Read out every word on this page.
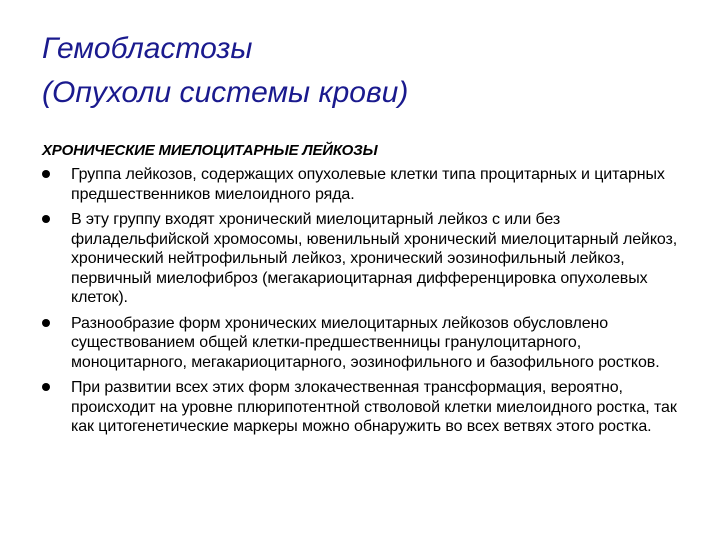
Гемобластозы
(Опухоли системы крови)

ХРОНИЧЕСКИЕ МИЕЛОЦИТАРНЫЕ ЛЕЙКОЗЫ

Группа лейкозов, содержащих опухолевые клетки типа процитарных и цитарных предшественников миелоидного ряда.
В эту группу входят хронический миелоцитарный лейкоз с или без филадельфийской хромосомы, ювенильный хронический миелоцитарный лейкоз, хронический нейтрофильный лейкоз, хронический эозинофильный лейкоз, первичный миелофиброз (мегакариоцитарная дифференцировка опухолевых клеток).
Разнообразие форм хронических миелоцитарных лейкозов обусловлено существованием общей клетки-предшественницы гранулоцитарного, моноцитарного, мегакариоцитарного, эозинофильного и базофильного ростков.
При развитии всех этих форм злокачественная трансформация, вероятно, происходит на уровне плюрипотентной стволовой клетки миелоидного ростка, так как цитогенетические маркеры можно обнаружить во всех ветвях этого ростка.
